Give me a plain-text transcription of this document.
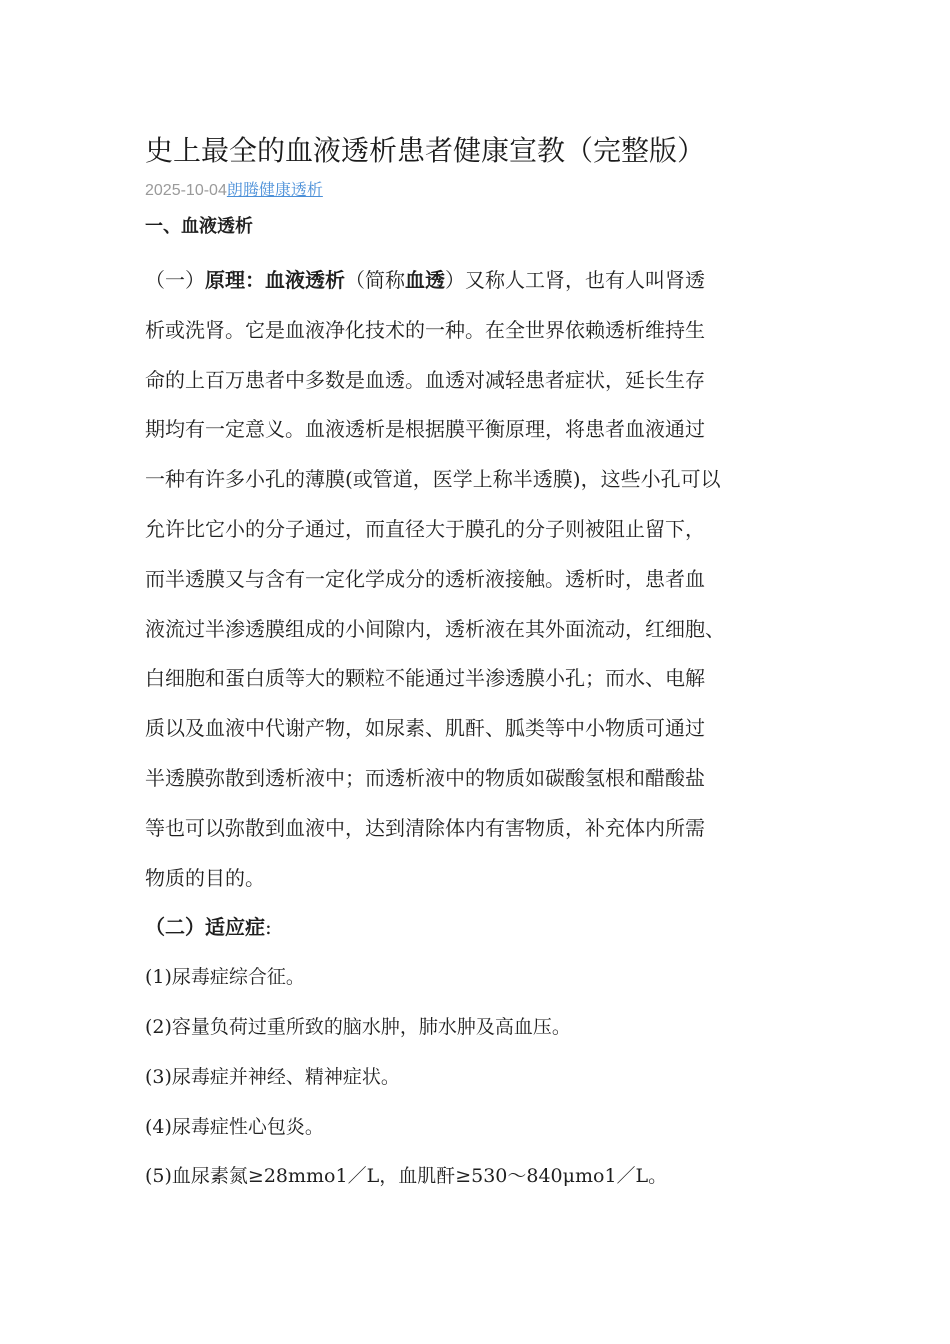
史上最全的血液透析患者健康宣教（完整版）
2025-10-04朗腾健康透析
一、血液透析
（一）原理：血液透析（简称血透）又称人工肾，也有人叫肾透
析或洗肾。它是血液净化技术的一种。在全世界依赖透析维持生
命的上百万患者中多数是血透。血透对减轻患者症状，延长生存
期均有一定意义。血液透析是根据膜平衡原理，将患者血液通过
一种有许多小孔的薄膜(或管道，医学上称半透膜)，这些小孔可以
允许比它小的分子通过，而直径大于膜孔的分子则被阻止留下，
而半透膜又与含有一定化学成分的透析液接触。透析时，患者血
液流过半渗透膜组成的小间隙内，透析液在其外面流动，红细胞、
白细胞和蛋白质等大的颗粒不能通过半渗透膜小孔；而水、电解
质以及血液中代谢产物，如尿素、肌酐、胍类等中小物质可通过
半透膜弥散到透析液中；而透析液中的物质如碳酸氢根和醋酸盐
等也可以弥散到血液中，达到清除体内有害物质，补充体内所需
物质的目的。
（二）适应症:
(1)尿毒症综合征。
(2)容量负荷过重所致的脑水肿，肺水肿及高血压。
(3)尿毒症并神经、精神症状。
(4)尿毒症性心包炎。
(5)血尿素氮≥28mmo1／L，血肌酐≥530～840μmo1／L。
